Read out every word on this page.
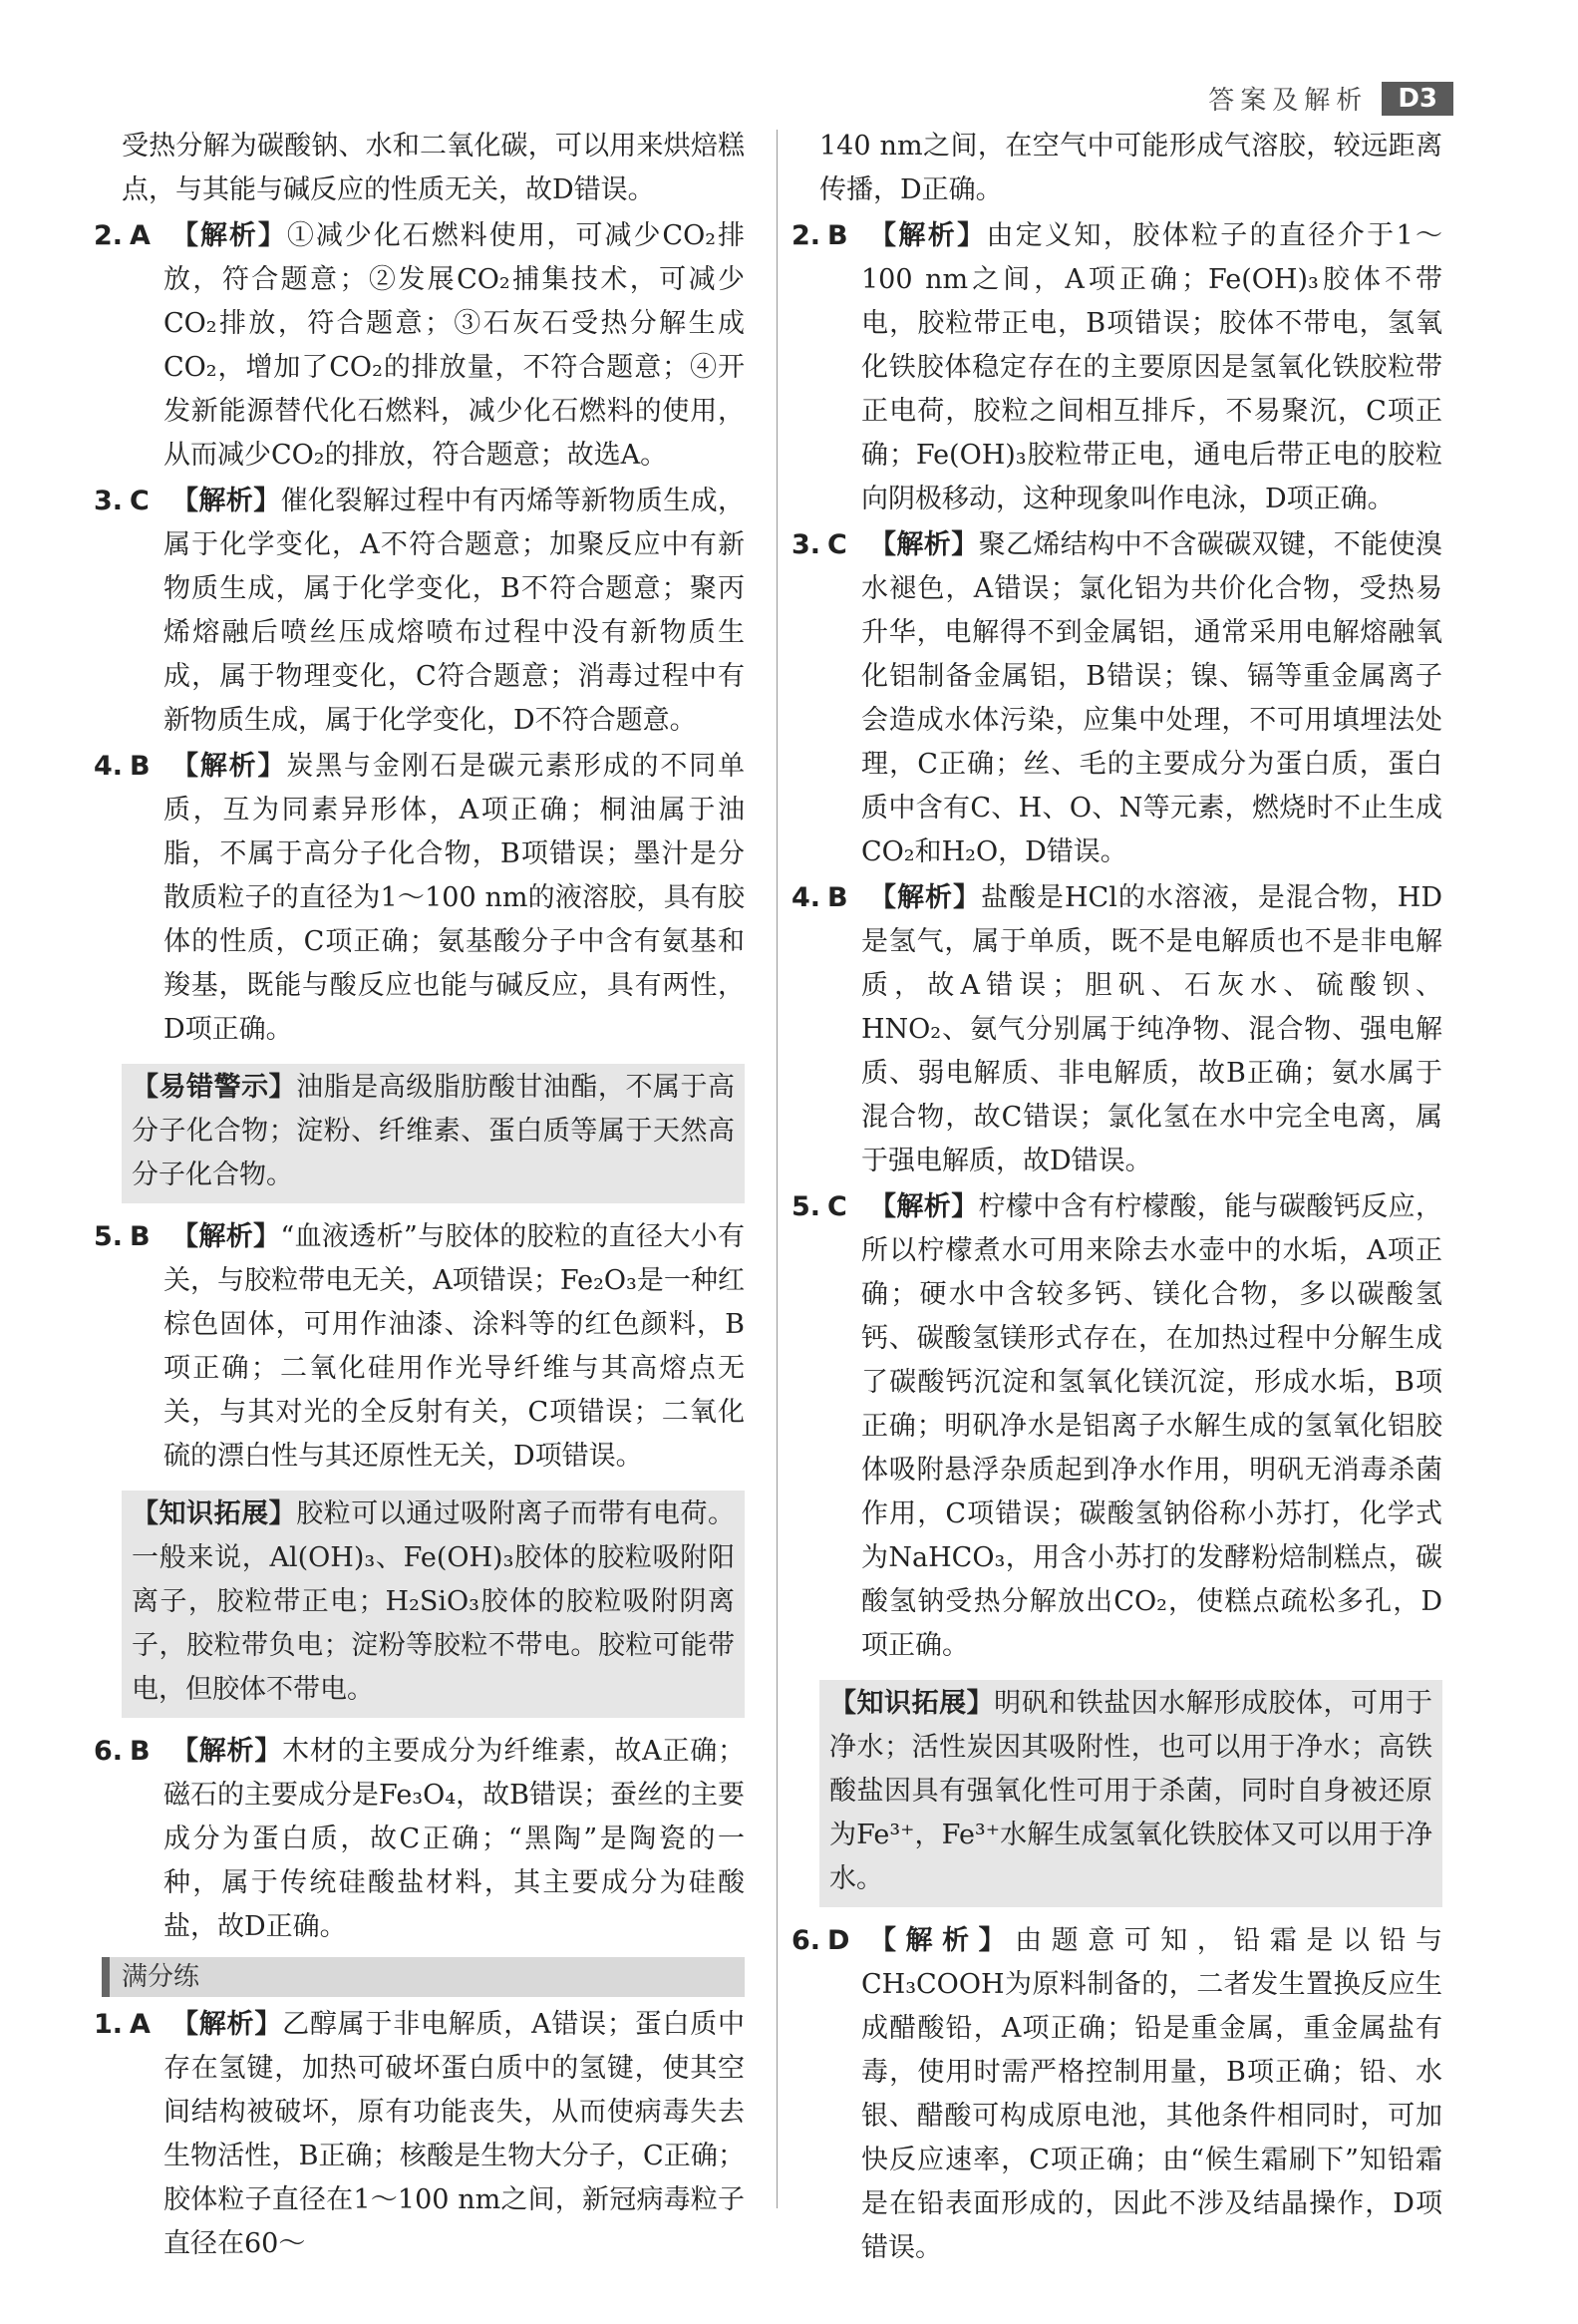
答案及解析	D3
受热分解为碳酸钠、水和二氧化碳，可以用来烘焙糕点，与其能与碱反应的性质无关，故D错误。
2. A 【解析】①减少化石燃料使用，可减少CO₂排放，符合题意；②发展CO₂捕集技术，可减少CO₂排放，符合题意；③石灰石受热分解生成CO₂，增加了CO₂的排放量，不符合题意；④开发新能源替代化石燃料，减少化石燃料的使用，从而减少CO₂的排放，符合题意；故选A。
3. C 【解析】催化裂解过程中有丙烯等新物质生成，属于化学变化，A不符合题意；加聚反应中有新物质生成，属于化学变化，B不符合题意；聚丙烯熔融后喷丝压成熔喷布过程中没有新物质生成，属于物理变化，C符合题意；消毒过程中有新物质生成，属于化学变化，D不符合题意。
4. B 【解析】炭黑与金刚石是碳元素形成的不同单质，互为同素异形体，A项正确；桐油属于油脂，不属于高分子化合物，B项错误；墨汁是分散质粒子的直径为1～100 nm的液溶胶，具有胶体的性质，C项正确；氨基酸分子中含有氨基和羧基，既能与酸反应也能与碱反应，具有两性，D项正确。
【易错警示】油脂是高级脂肪酸甘油酯，不属于高分子化合物；淀粉、纤维素、蛋白质等属于天然高分子化合物。
5. B 【解析】“血液透析”与胶体的胶粒的直径大小有关，与胶粒带电无关，A项错误；Fe₂O₃是一种红棕色固体，可用作油漆、涂料等的红色颜料，B项正确；二氧化硅用作光导纤维与其高熔点无关，与其对光的全反射有关，C项错误；二氧化硫的漂白性与其还原性无关，D项错误。
【知识拓展】胶粒可以通过吸附离子而带有电荷。一般来说，Al(OH)₃、Fe(OH)₃胶体的胶粒吸附阳离子，胶粒带正电；H₂SiO₃胶体的胶粒吸附阴离子，胶粒带负电；淀粉等胶粒不带电。胶粒可能带电，但胶体不带电。
6. B 【解析】木材的主要成分为纤维素，故A正确；磁石的主要成分是Fe₃O₄，故B错误；蚕丝的主要成分为蛋白质，故C正确；“黑陶”是陶瓷的一种，属于传统硅酸盐材料，其主要成分为硅酸盐，故D正确。
满分练
1. A 【解析】乙醇属于非电解质，A错误；蛋白质中存在氢键，加热可破坏蛋白质中的氢键，使其空间结构被破坏，原有功能丧失，从而使病毒失去生物活性，B正确；核酸是生物大分子，C正确；胶体粒子直径在1～100 nm之间，新冠病毒粒子直径在60～
140 nm之间，在空气中可能形成气溶胶，较远距离传播，D正确。
2. B 【解析】由定义知，胶体粒子的直径介于1～100 nm之间，A项正确；Fe(OH)₃胶体不带电，胶粒带正电，B项错误；胶体不带电，氢氧化铁胶体稳定存在的主要原因是氢氧化铁胶粒带正电荷，胶粒之间相互排斥，不易聚沉，C项正确；Fe(OH)₃胶粒带正电，通电后带正电的胶粒向阴极移动，这种现象叫作电泳，D项正确。
3. C 【解析】聚乙烯结构中不含碳碳双键，不能使溴水褪色，A错误；氯化铝为共价化合物，受热易升华，电解得不到金属铝，通常采用电解熔融氧化铝制备金属铝，B错误；镍、镉等重金属离子会造成水体污染，应集中处理，不可用填埋法处理，C正确；丝、毛的主要成分为蛋白质，蛋白质中含有C、H、O、N等元素，燃烧时不止生成CO₂和H₂O，D错误。
4. B 【解析】盐酸是HCl的水溶液，是混合物，HD是氢气，属于单质，既不是电解质也不是非电解质，故A错误；胆矾、石灰水、硫酸钡、HNO₂、氨气分别属于纯净物、混合物、强电解质、弱电解质、非电解质，故B正确；氨水属于混合物，故C错误；氯化氢在水中完全电离，属于强电解质，故D错误。
5. C 【解析】柠檬中含有柠檬酸，能与碳酸钙反应，所以柠檬煮水可用来除去水壶中的水垢，A项正确；硬水中含较多钙、镁化合物，多以碳酸氢钙、碳酸氢镁形式存在，在加热过程中分解生成了碳酸钙沉淀和氢氧化镁沉淀，形成水垢，B项正确；明矾净水是铝离子水解生成的氢氧化铝胶体吸附悬浮杂质起到净水作用，明矾无消毒杀菌作用，C项错误；碳酸氢钠俗称小苏打，化学式为NaHCO₃，用含小苏打的发酵粉焙制糕点，碳酸氢钠受热分解放出CO₂，使糕点疏松多孔，D项正确。
【知识拓展】明矾和铁盐因水解形成胶体，可用于净水；活性炭因其吸附性，也可以用于净水；高铁酸盐因具有强氧化性可用于杀菌，同时自身被还原为Fe³⁺，Fe³⁺水解生成氢氧化铁胶体又可以用于净水。
6. D 【解析】由题意可知，铅霜是以铅与CH₃COOH为原料制备的，二者发生置换反应生成醋酸铅，A项正确；铅是重金属，重金属盐有毒，使用时需严格控制用量，B项正确；铅、水银、醋酸可构成原电池，其他条件相同时，可加快反应速率，C项正确；由“候生霜刷下”知铅霜是在铅表面形成的，因此不涉及结晶操作，D项错误。
